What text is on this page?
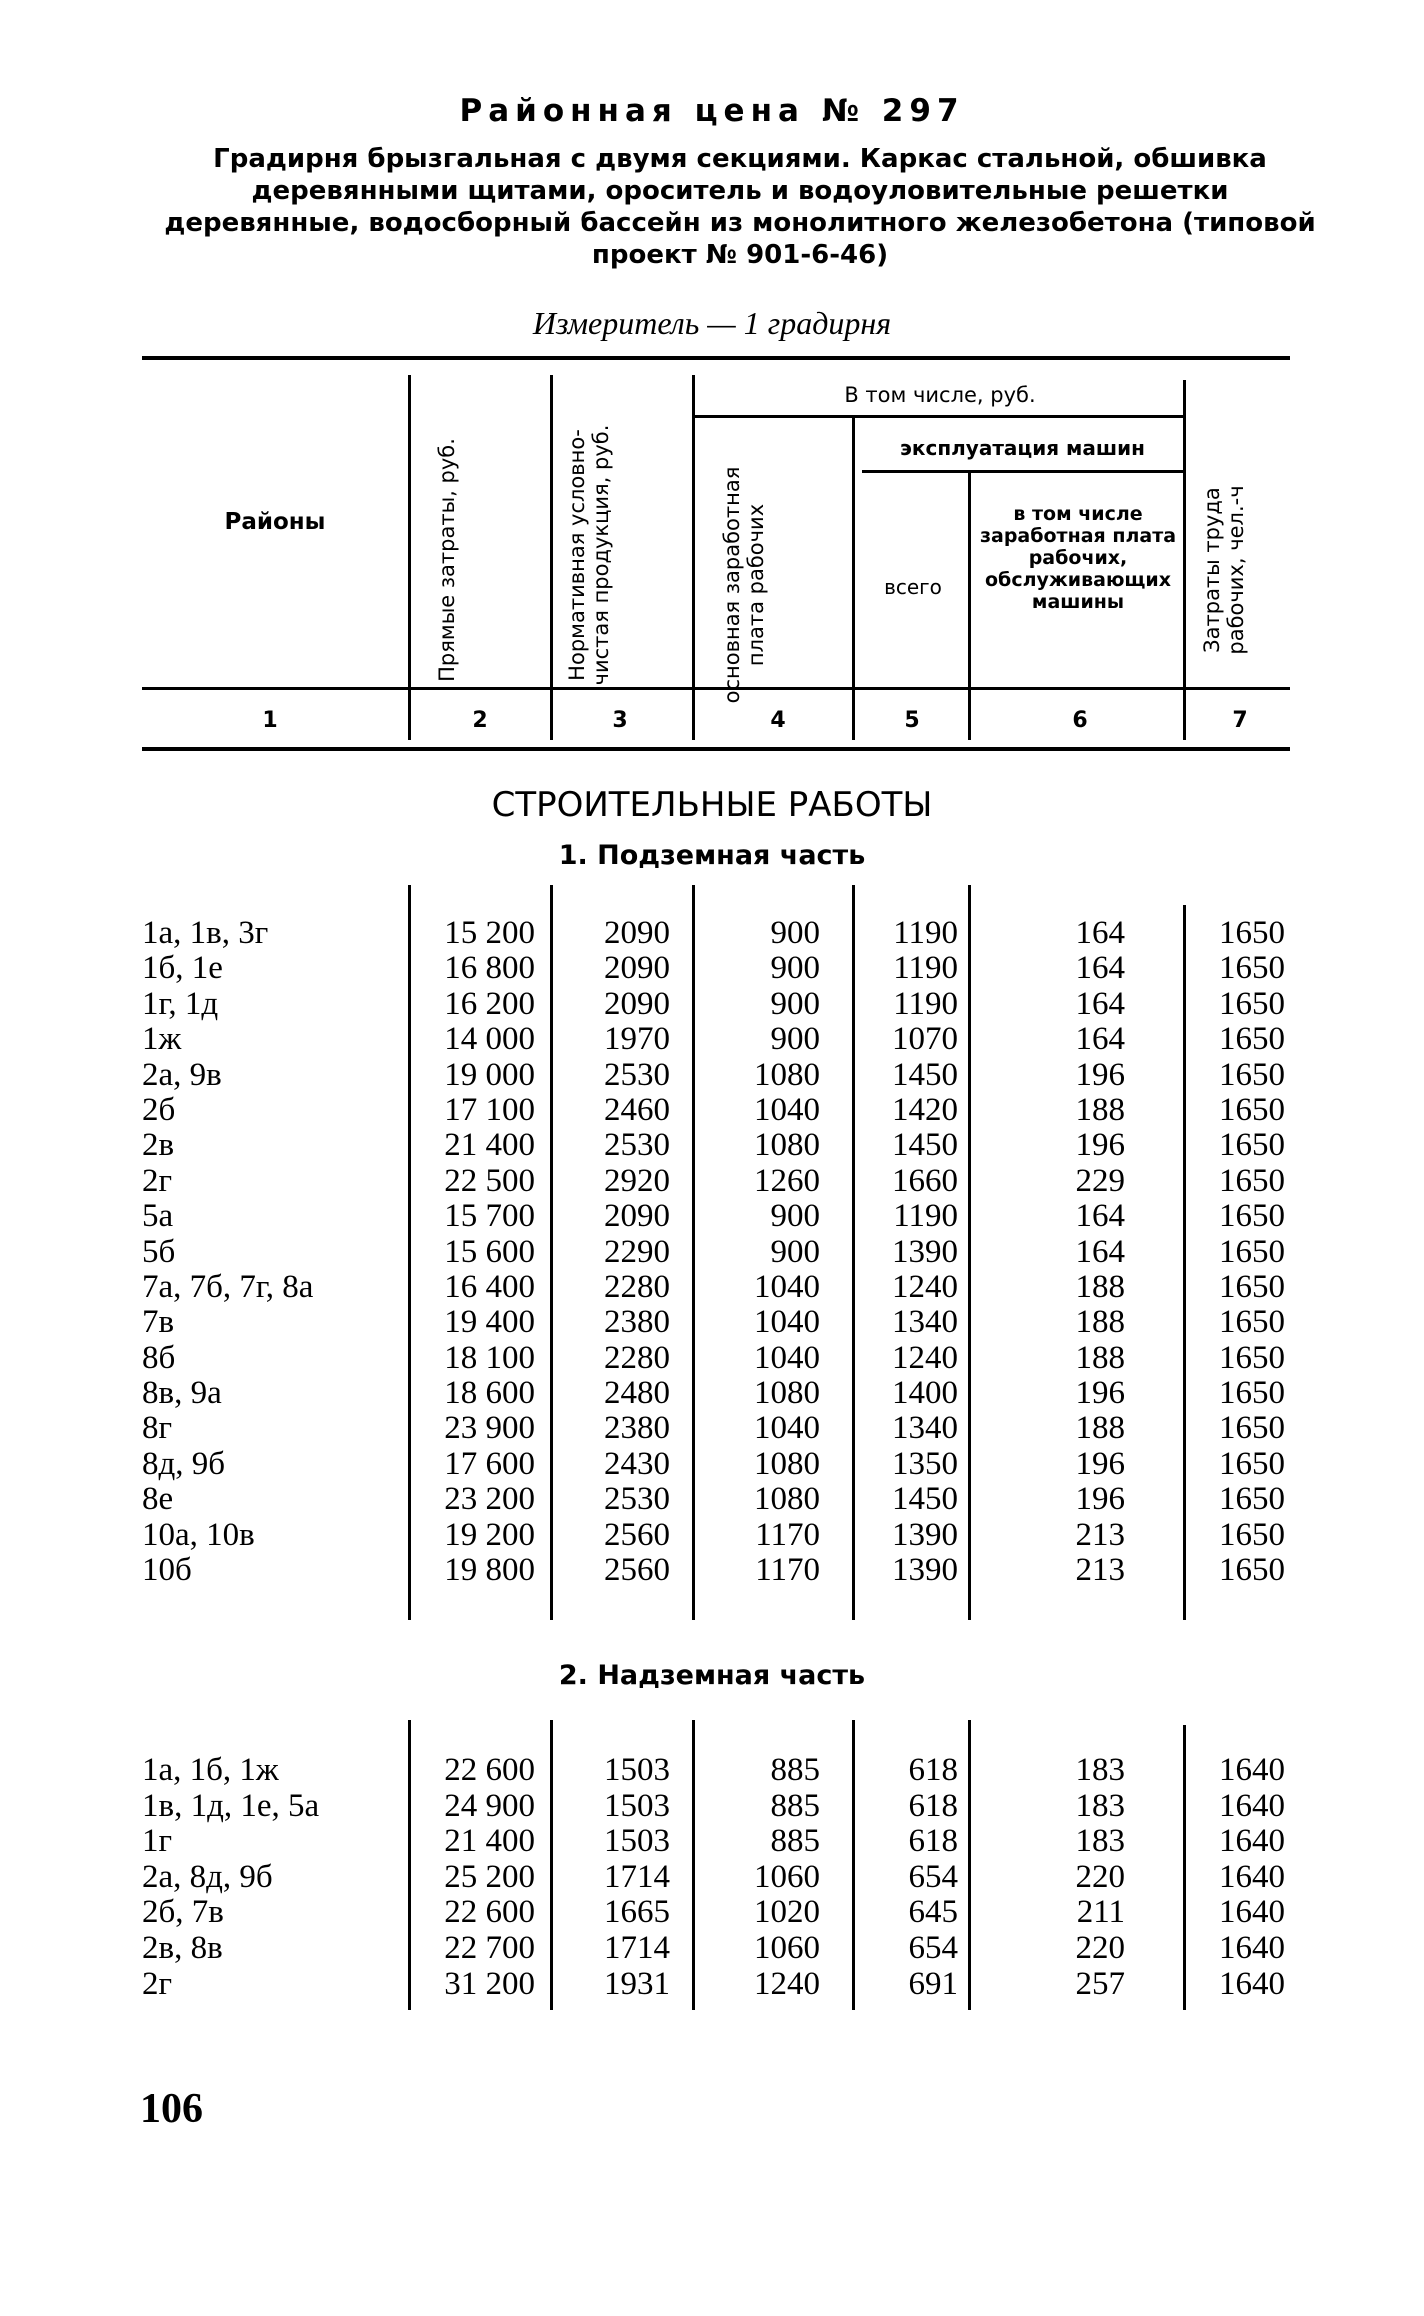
Районная цена № 297
Градирня брызгальная с двумя секциями. Каркас стальной, обшивка деревянными щитами, ороситель и водоуловительные решетки деревянные, водосборный бассейн из монолитного железобетона (типовой проект № 901-6-46)
Измеритель — 1 градирня
Районы	Прямые затраты, руб.	Нормативная условно-чистая продукция, руб.	основная заработная плата рабочих
В том числе, руб.
эксплуатация машин
всего
в том числе заработная плата рабочих, обслуживающих машины	Затраты труда рабочих, чел.-ч
1	2	3	4	5	6	7
СТРОИТЕЛЬНЫЕ РАБОТЫ
1. Подземная часть
1а, 1в, 3г	15 200	2090	900	1190	164	1650
1б, 1е	16 800	2090	900	1190	164	1650
1г, 1д	16 200	2090	900	1190	164	1650
1ж	14 000	1970	900	1070	164	1650
2а, 9в	19 000	2530	1080	1450	196	1650
2б	17 100	2460	1040	1420	188	1650
2в	21 400	2530	1080	1450	196	1650
2г	22 500	2920	1260	1660	229	1650
5а	15 700	2090	900	1190	164	1650
5б	15 600	2290	900	1390	164	1650
7а, 7б, 7г, 8а	16 400	2280	1040	1240	188	1650
7в	19 400	2380	1040	1340	188	1650
8б	18 100	2280	1040	1240	188	1650
8в, 9а	18 600	2480	1080	1400	196	1650
8г	23 900	2380	1040	1340	188	1650
8д, 9б	17 600	2430	1080	1350	196	1650
8е	23 200	2530	1080	1450	196	1650
10а, 10в	19 200	2560	1170	1390	213	1650
10б	19 800	2560	1170	1390	213	1650
2. Надземная часть
1а, 1б, 1ж	22 600	1503	885	618	183	1640
1в, 1д, 1е, 5а	24 900	1503	885	618	183	1640
1г	21 400	1503	885	618	183	1640
2а, 8д, 9б	25 200	1714	1060	654	220	1640
2б, 7в	22 600	1665	1020	645	211	1640
2в, 8в	22 700	1714	1060	654	220	1640
2г	31 200	1931	1240	691	257	1640
106
